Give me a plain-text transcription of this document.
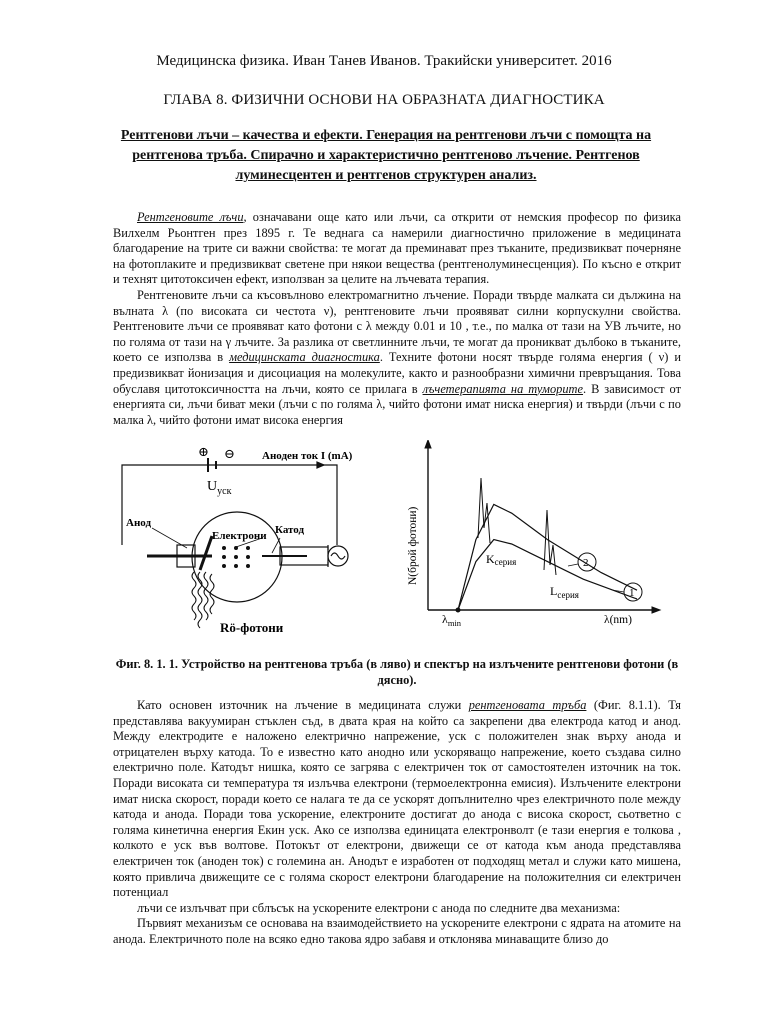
Медицинска физика. Иван Танев Иванов. Тракийски университет. 2016
ГЛАВА 8. ФИЗИЧНИ ОСНОВИ НА ОБРАЗНАТА ДИАГНОСТИКА
Рентгенови лъчи – качества и ефекти. Генерация на рентгенови лъчи с помощта на рентгенова тръба. Спирачно и характеристично рентгеново лъчение. Рентгенов луминесцентен и рентгенов структурен анализ.

Рентгеновите лъчи, означавани още като или лъчи, са открити от немския професор по физика Вилхелм Рьонтген през 1895 г. Те веднага са намерили диагностично приложение в медицината благодарение на трите си важни свойства: те могат да преминават през тъканите, предизвикват почерняне на фотоплаките и предизвикват светене при някои вещества (рентгенолуминесценция). По късно е открит и технят цитотоксичен ефект, използван за целите на лъчевата терапия.

Рентгеновите лъчи са късовълново електромагнитно лъчение. Поради твърде малката си дължина на вълната λ (по високата си честота ν), рентгеновите лъчи проявяват силни корпускулни свойства. Рентгеновите лъчи се проявяват като фотони с λ между 0.01 и 10 , т.е., по малка от тази на УВ лъчите, но по голяма от тази на γ лъчите. За разлика от светлинните лъчи, те могат да проникват дълбоко в тъканите, което се използва в медицинската диагностика. Техните фотони носят твърде голяма енергия ( ν) и предизвикват йонизация и дисоциация на молекулите, както и разнообразни химични превръщания. Това обуславя цитотоксичността на лъчи, която се прилага в лъчетерапията на туморите. В зависимост от енергията си, лъчи биват меки (лъчи с по голяма λ, чийто фотони имат ниска енергия) и твърди (лъчи с по малка λ, чийто фотони имат висока енергия

⊕ ⊖ Аноден ток I (mA)
$U_{уск}$
Анод
Електрони Катод
Rö-фотони
N(брой фотони)
λ(nm)
$\lambda_{min}$
Kсерия
$L_{серия}$
2
1
Фиг. 8. 1. 1. Устройство на рентгенова тръба (в ляво) и спектър на излъчените рентгенови фотони (в дясно).

Като основен източник на лъчение в медицината служи рентгеновата тръба (Фиг. 8.1.1). Тя представлява вакуумиран стъклен съд, в двата края на който са закрепени два електрода катод и анод. Между електродите е наложено електрично напрежение, уск с положителен знак върху анода и отрицателен върху катода. То е известно като анодно или ускоряващо напрежение, което създава силно електрично поле. Катодът нишка, която се загрява с електричен ток от самостоятелен източник на ток. Поради високата си температура тя излъчва електрони (термоелектронна емисия). Излъчените електрони имат ниска скорост, поради което се налага те да се ускорят допълнително чрез електричното поле между катода и анода. Поради това ускорение, електроните достигат до анода с висока скорост, сьответно с голяма кинетична енергия Eкин уск. Ако се използва единицата електронволт (е тази енергия е толкова , колкото е уск във волтове. Потокът от електрони, движещи се от катода към анода представлява електричен ток (аноден ток) с големина ан. Анодът е изработен от подходящ метал и служи като мишена, която привлича движещите се с голяма скорост електрони благодарение на положителния си електричен потенциал

лъчи се излъчват при сблъсък на ускорените електрони с анода по следните два механизма:

Първият механизъм се основава на взаимодействието на ускорените електрони с ядрата на атомите на анода. Електричното поле на всяко едно такова ядро забавя и отклонява минаващите близо до
